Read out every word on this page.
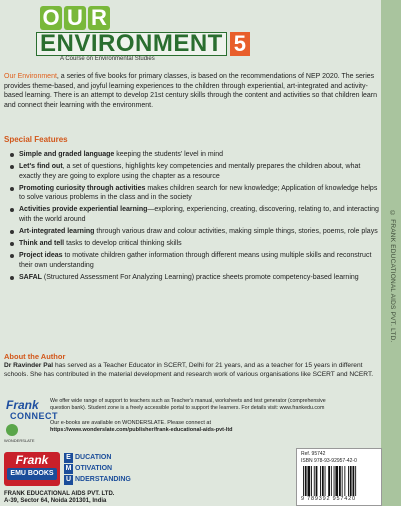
© FRANK EDUCATIONAL AIDS PVT. LTD.
O U R
ENVIRONMENT 5
A Course on Environmental Studies
Our Environment, a series of five books for primary classes, is based on the recommendations of NEP 2020. The series provides theme-based, and joyful learning experiences to the children through experiential, art-integrated and activity-based learning. There is an attempt to develop 21st century skills through the content and activities so that children learn and connect their learning with the environment.
Special Features
Simple and graded language keeping the students' level in mind
Let's find out, a set of questions, highlights key competencies and mentally prepares the children about, what exactly they are going to explore using the chapter as a resource
Promoting curiosity through activities makes children search for new knowledge; Application of knowledge helps to solve various problems in the class and in the society
Activities provide experiential learning—exploring, experiencing, creating, discovering, relating to, and interacting with the world around
Art-integrated learning through various draw and colour activities, making simple things, stories, poems, role plays
Think and tell tasks to develop critical thinking skills
Project ideas to motivate children gather information through different means using multiple skills and reconstruct their own understanding
SAFAL (Structured Assessment For Analyzing Learning) practice sheets promote competency-based learning
About the Author
Dr Ravinder Pal has served as a Teacher Educator in SCERT, Delhi for 21 years, and as a teacher for 15 years in different schools. She has contributed in the material development and research work of various organisations like SCERT and NCERT.
Frank
CONNECT
WONDERSLATE
We offer wide range of support to teachers such as Teacher's manual, worksheets and test generator (comprehensive question bank). Student zone is a freely accessible portal to support the learners. For details visit: www.frankedu.com
Our e-books are available on WONDERSLATE. Please connect at
https://www.wonderslate.com/publisher/frank-educational-aids-pvt-ltd
Frank
EMU BOOKS
E DUCATION
M OTIVATION
U NDERSTANDING
FRANK EDUCATIONAL AIDS PVT. LTD.
A-39, Sector 64, Noida 201301, India
Ref. 95742
ISBN 978-93-92957-42-0
9 789392 957420
